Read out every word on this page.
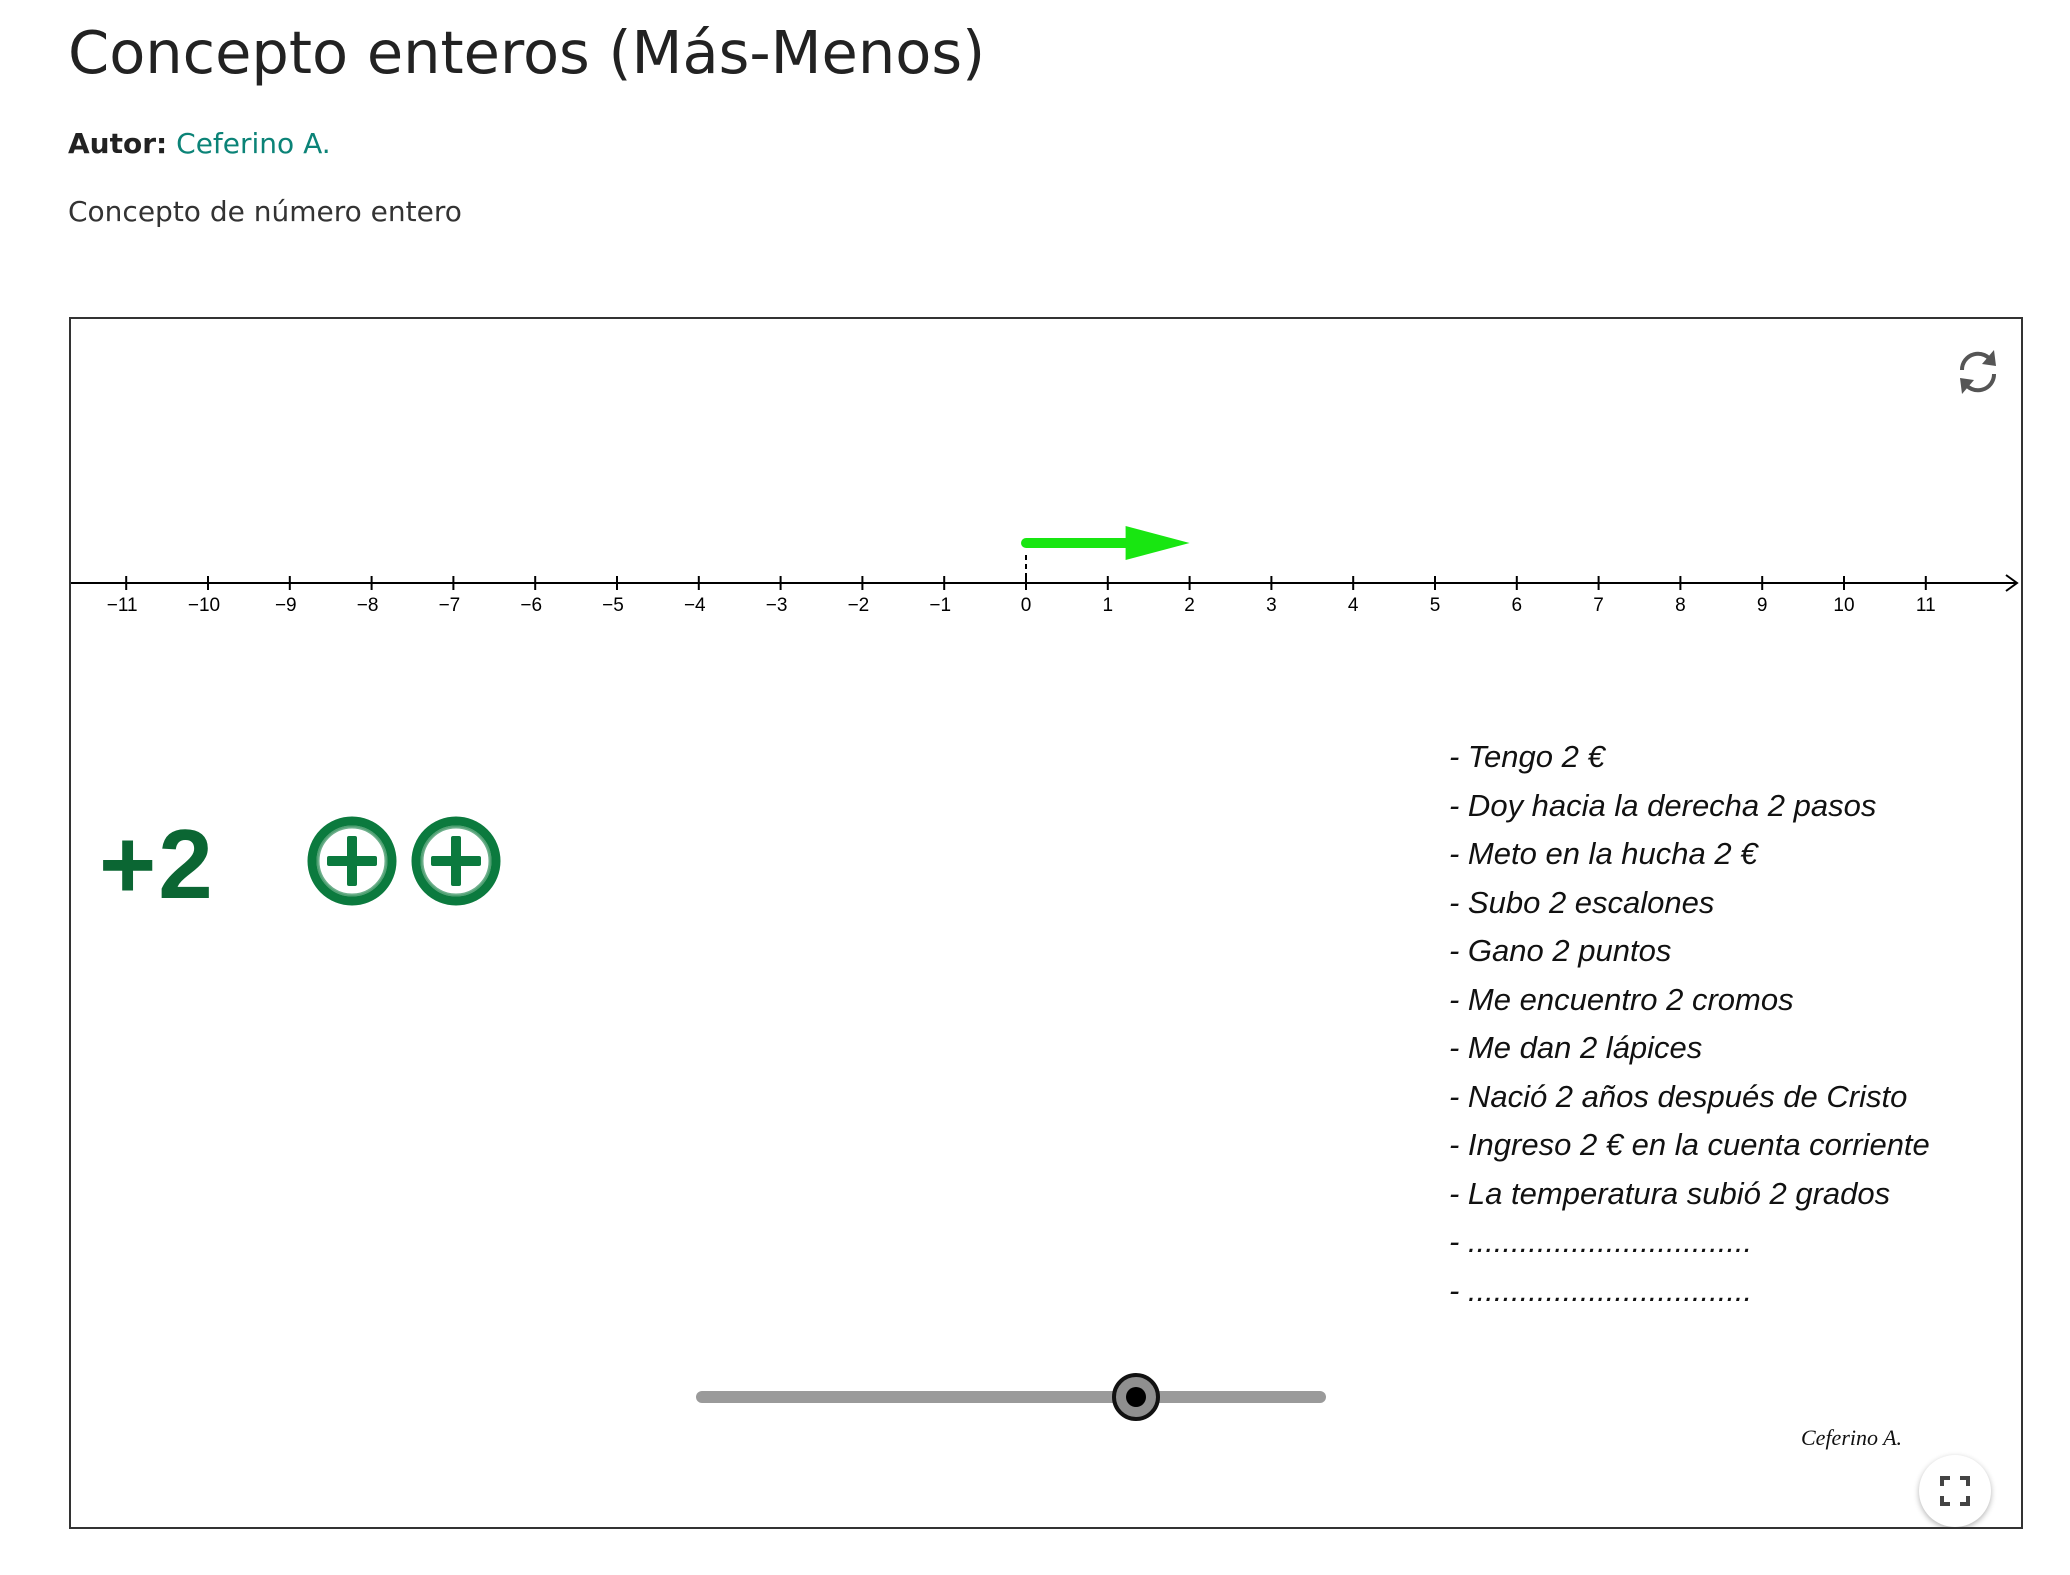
Concepto enteros (Más-Menos)
Autor: Ceferino A.
Concepto de número entero
−11	−10	−9	−8	−7	−6	−5	−4	−3	−2	−1	0	1	2	3	4	5	6	7	8	9	10	11
+2
- Tengo 2 €
- Doy hacia la derecha 2 pasos
- Meto en la hucha 2 €
- Subo 2 escalones
- Gano 2 puntos
- Me encuentro 2 cromos
- Me dan 2 lápices
- Nació 2 años después de Cristo
- Ingreso 2 € en la cuenta corriente
- La temperatura subió 2 grados
- .................................
- .................................
Ceferino A.
